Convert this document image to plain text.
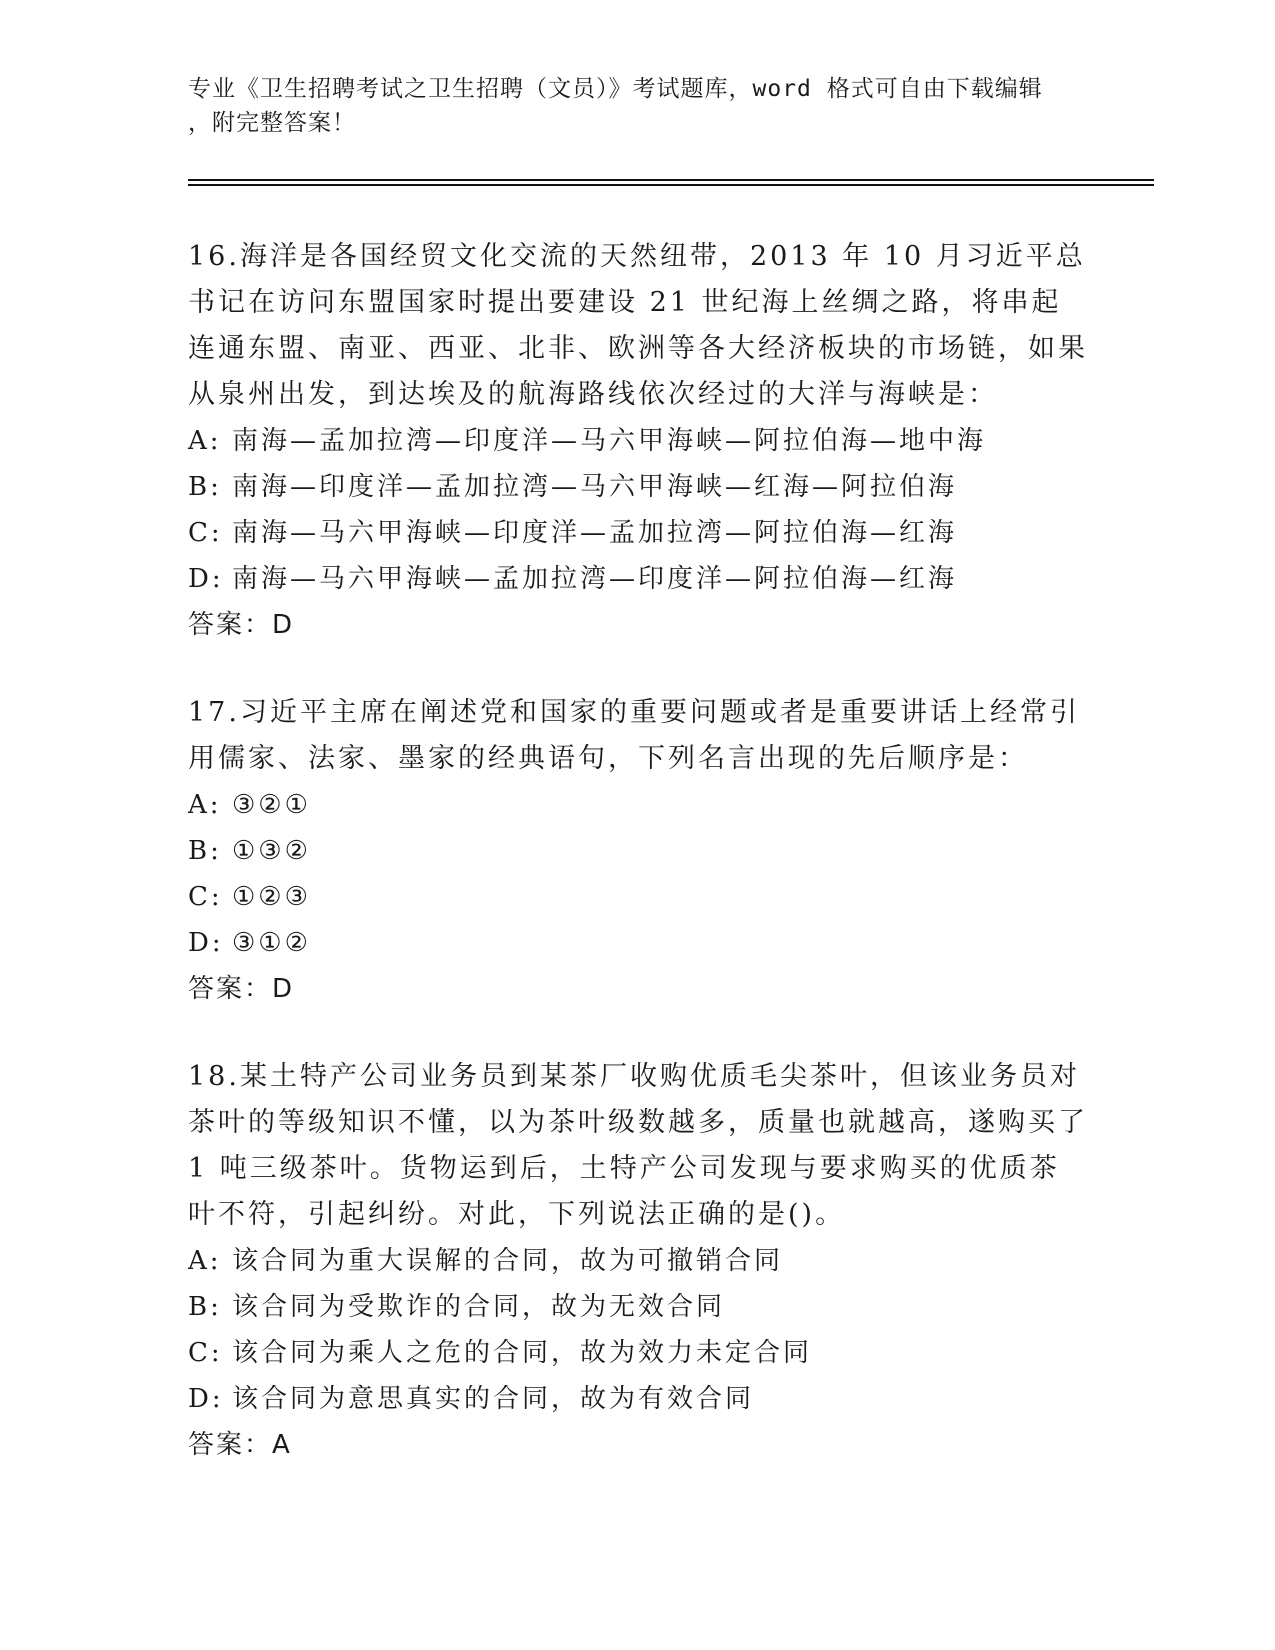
专业《卫生招聘考试之卫生招聘（文员）》考试题库，word 格式可自由下载编辑
，附完整答案！

16.海洋是各国经贸文化交流的天然纽带，2013 年 10 月习近平总书记在访问东盟国家时提出要建设 21 世纪海上丝绸之路，将串起连通东盟、南亚、西亚、北非、欧洲等各大经济板块的市场链，如果从泉州出发，到达埃及的航海路线依次经过的大洋与海峡是：

A: 南海—孟加拉湾—印度洋—马六甲海峡—阿拉伯海—地中海
B: 南海—印度洋—孟加拉湾—马六甲海峡—红海—阿拉伯海
C: 南海—马六甲海峡—印度洋—孟加拉湾—阿拉伯海—红海
D: 南海—马六甲海峡—孟加拉湾—印度洋—阿拉伯海—红海
答案：D

17.习近平主席在阐述党和国家的重要问题或者是重要讲话上经常引用儒家、法家、墨家的经典语句，下列名言出现的先后顺序是：

A: ③②①
B: ①③②
C: ①②③
D: ③①②
答案：D

18.某土特产公司业务员到某茶厂收购优质毛尖茶叶，但该业务员对茶叶的等级知识不懂，以为茶叶级数越多，质量也就越高，遂购买了 1 吨三级茶叶。货物运到后，土特产公司发现与要求购买的优质茶叶不符，引起纠纷。对此，下列说法正确的是()。

A: 该合同为重大误解的合同，故为可撤销合同
B: 该合同为受欺诈的合同，故为无效合同
C: 该合同为乘人之危的合同，故为效力未定合同
D: 该合同为意思真实的合同，故为有效合同
答案：A
